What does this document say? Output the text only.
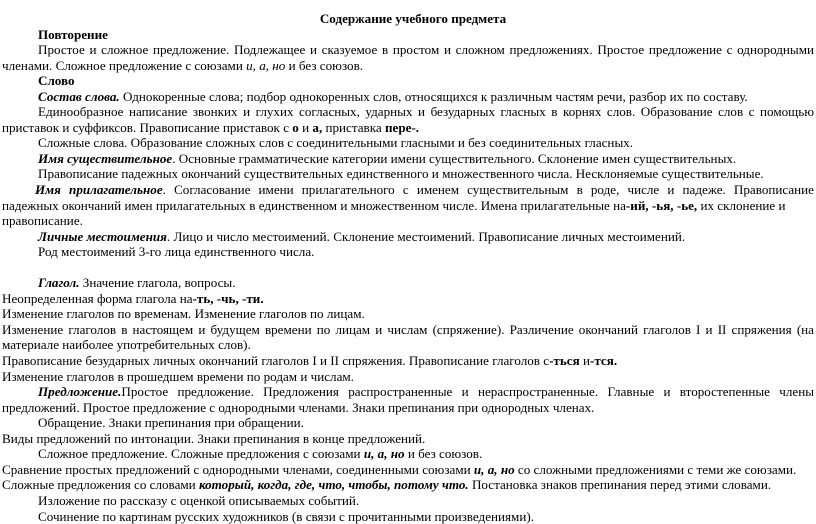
Содержание учебного предмета
Повторение
Простое и сложное предложение. Подлежащее и сказуемое в простом и сложном предложениях. Простое предложение с однородными
членами. Сложное предложение с союзами и, а, но и без союзов.
Слово
Состав слова. Однокоренные слова; подбор однокоренных слов, относящихся к различным частям речи, разбор их по составу.
Единообразное написание звонких и глухих согласных, ударных и безударных гласных в корнях слов. Образование слов с помощью
приставок и суффиксов. Правописание приставок с о и а, приставка пере-.
Сложные слова. Образование сложных слов с соединительными гласными и без соединительных гласных.
Имя существительное. Основные грамматические категории имени существительного. Склонение имен существительных.
Правописание падежных окончаний существительных единственного и множественного числа. Несклоняемые существительные.
Имя прилагательное. Согласование имени прилагательного с именем существительным в роде, числе и падеже. Правописание
падежных окончаний имен прилагательных в единственном и множественном числе. Имена прилагательные на-ий, -ья, -ье, их склонение и
правописание.
Личные местоимения. Лицо и число местоимений. Склонение местоимений. Правописание личных местоимений.
Род местоимений 3-го лица единственного числа.
Глагол. Значение глагола, вопросы.
Неопределенная форма глагола на-ть, -чь, -ти.
Изменение глаголов по временам. Изменение глаголов по лицам.
Изменение глаголов в настоящем и будущем времени по лицам и числам (спряжение). Различение окончаний глаголов I и II спряжения (на
материале наиболее употребительных слов).
Правописание безударных личных окончаний глаголов I и II спряжения. Правописание глаголов с-ться и-тся.
Изменение глаголов в прошедшем времени по родам и числам.
Предложение.Простое предложение. Предложения распространенные и нераспространенные. Главные и второстепенные члены
предложений. Простое предложение с однородными членами. Знаки препинания при однородных членах.
Обращение. Знаки препинания при обращении.
Виды предложений по интонации. Знаки препинания в конце предложений.
Сложное предложение. Сложные предложения с союзами и, а, но и без союзов.
Сравнение простых предложений с однородными членами, соединенными союзами и, а, но со сложными предложениями с теми же союзами.
Сложные предложения со словами который, когда, где, что, чтобы, потому что. Постановка знаков препинания перед этими словами.
Изложение по рассказу с оценкой описываемых событий.
Сочинение по картинам русских художников (в связи с прочитанными произведениями).
